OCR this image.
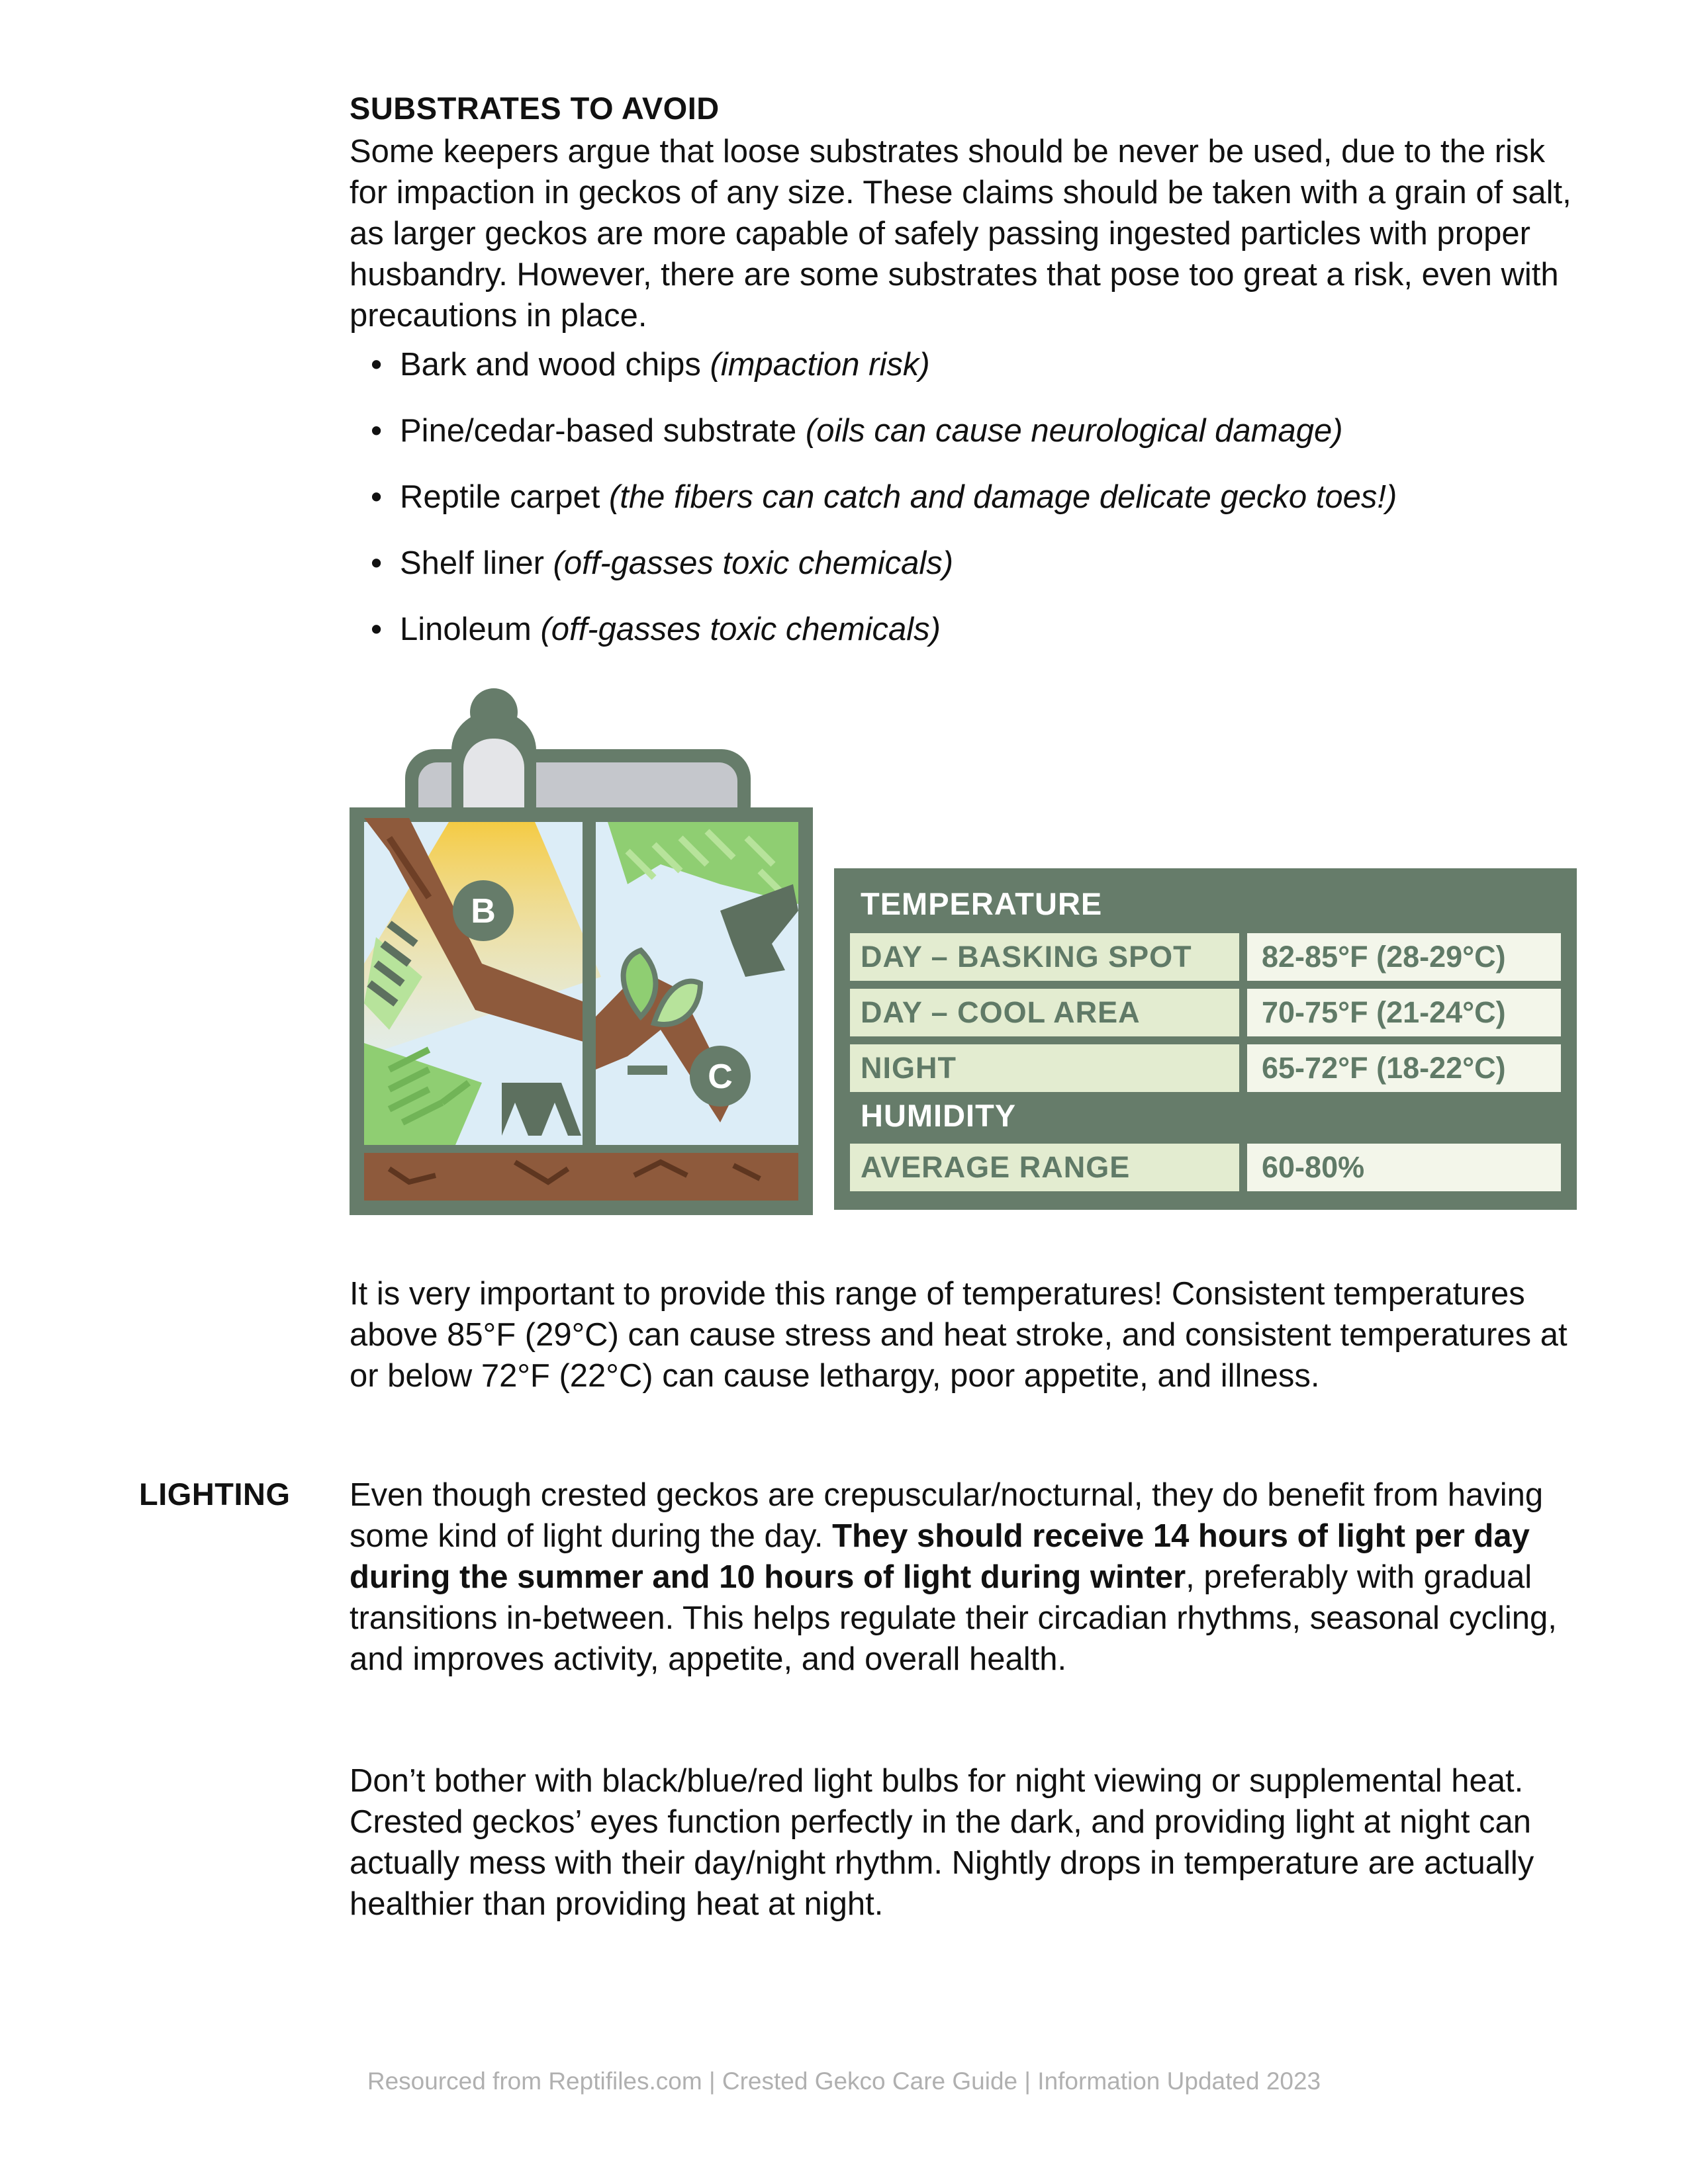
SUBSTRATES TO AVOID

Some keepers argue that loose substrates should be never be used, due to the risk for impaction in geckos of any size. These claims should be taken with a grain of salt, as larger geckos are more capable of safely passing ingested particles with proper husbandry. However, there are some substrates that pose too great a risk, even with precautions in place.

• Bark and wood chips (impaction risk)
• Pine/cedar-based substrate (oils can cause neurological damage)
• Reptile carpet (the fibers can catch and damage delicate gecko toes!)
• Shelf liner (off-gasses toxic chemicals)
• Linoleum (off-gasses toxic chemicals)
B
C
TEMPERATURE
DAY – BASKING SPOT	82-85°F (28-29°C)
DAY – COOL AREA	70-75°F (21-24°C)
NIGHT	65-72°F (18-22°C)
HUMIDITY
AVERAGE RANGE	60-80%

It is very important to provide this range of temperatures! Consistent temperatures above 85°F (29°C) can cause stress and heat stroke, and consistent temperatures at or below 72°F (22°C) can cause lethargy, poor appetite, and illness.

LIGHTING Even though crested geckos are crepuscular/nocturnal, they do benefit from having some kind of light during the day. They should receive 14 hours of light per day during the summer and 10 hours of light during winter, preferably with gradual transitions in-between. This helps regulate their circadian rhythms, seasonal cycling, and improves activity, appetite, and overall health.

Don’t bother with black/blue/red light bulbs for night viewing or supplemental heat. Crested geckos’ eyes function perfectly in the dark, and providing light at night can actually mess with their day/night rhythm. Nightly drops in temperature are actually healthier than providing heat at night.

Resourced from Reptifiles.com | Crested Gekco Care Guide | Information Updated 2023
